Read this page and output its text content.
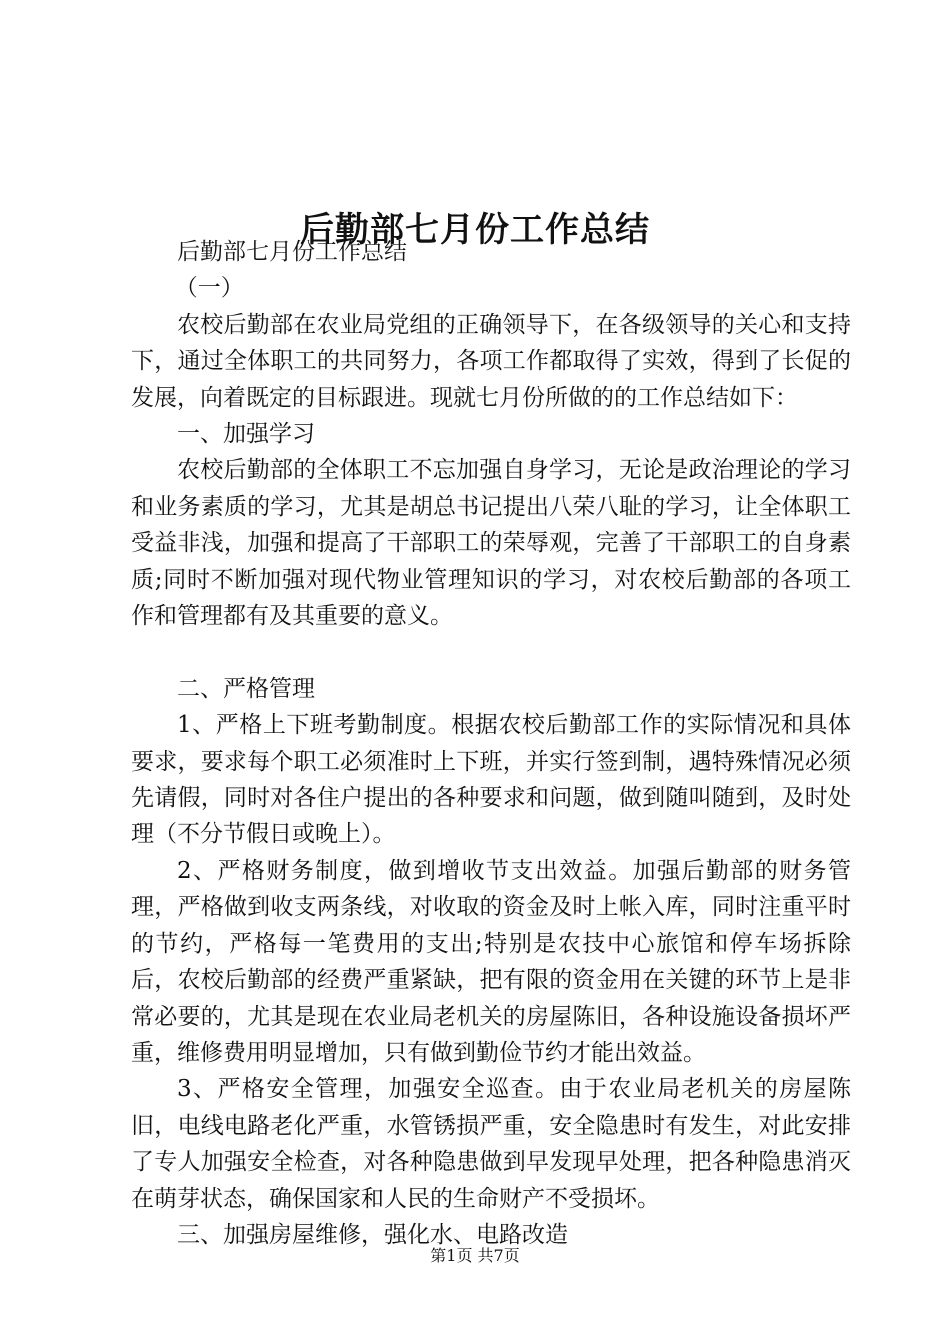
后勤部七月份工作总结

后勤部七月份工作总结

（一）

农校后勤部在农业局党组的正确领导下，在各级领导的关心和支持下，通过全体职工的共同努力，各项工作都取得了实效，得到了长促的发展，向着既定的目标跟进。现就七月份所做的的工作总结如下：

一、加强学习

农校后勤部的全体职工不忘加强自身学习，无论是政治理论的学习和业务素质的学习，尤其是胡总书记提出八荣八耻的学习，让全体职工受益非浅，加强和提高了干部职工的荣辱观，完善了干部职工的自身素质;同时不断加强对现代物业管理知识的学习，对农校后勤部的各项工作和管理都有及其重要的意义。

二、严格管理

1、严格上下班考勤制度。根据农校后勤部工作的实际情况和具体要求，要求每个职工必须准时上下班，并实行签到制，遇特殊情况必须先请假，同时对各住户提出的各种要求和问题，做到随叫随到，及时处理（不分节假日或晚上）。

2、严格财务制度，做到增收节支出效益。加强后勤部的财务管理，严格做到收支两条线，对收取的资金及时上帐入库，同时注重平时的节约，严格每一笔费用的支出;特别是农技中心旅馆和停车场拆除后，农校后勤部的经费严重紧缺，把有限的资金用在关键的环节上是非常必要的，尤其是现在农业局老机关的房屋陈旧，各种设施设备损坏严重，维修费用明显增加，只有做到勤俭节约才能出效益。

3、严格安全管理，加强安全巡查。由于农业局老机关的房屋陈旧，电线电路老化严重，水管锈损严重，安全隐患时有发生，对此安排了专人加强安全检查，对各种隐患做到早发现早处理，把各种隐患消灭在萌芽状态，确保国家和人民的生命财产不受损坏。

三、加强房屋维修，强化水、电路改造

第1页 共7页
